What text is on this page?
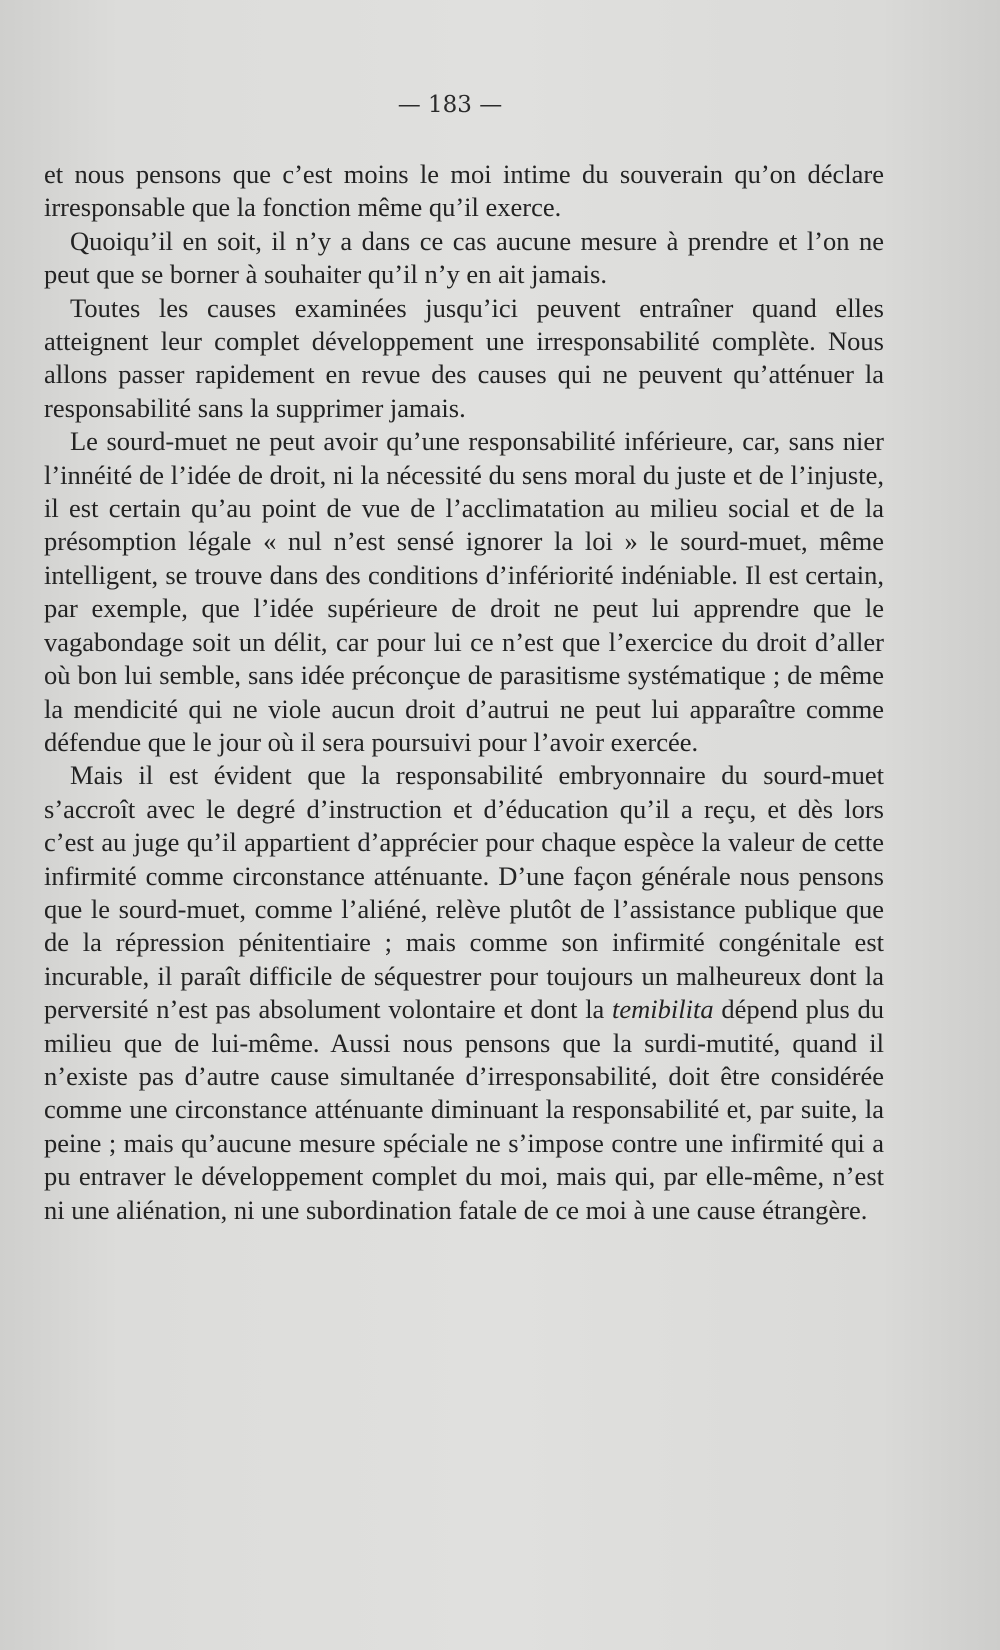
— 183 —

et nous pensons que c’est moins le moi intime du souverain qu’on déclare irresponsable que la fonction même qu’il exerce.

Quoiqu’il en soit, il n’y a dans ce cas aucune mesure à prendre et l’on ne peut que se borner à souhaiter qu’il n’y en ait jamais.

Toutes les causes examinées jusqu’ici peuvent entraîner quand elles atteignent leur complet développement une irresponsabilité complète. Nous allons passer rapidement en revue des causes qui ne peuvent qu’atténuer la responsabilité sans la supprimer jamais.

Le sourd-muet ne peut avoir qu’une responsabilité inférieure, car, sans nier l’innéité de l’idée de droit, ni la nécessité du sens moral du juste et de l’injuste, il est certain qu’au point de vue de l’acclimatation au milieu social et de la présomption légale « nul n’est sensé ignorer la loi » le sourd-muet, même intelligent, se trouve dans des conditions d’infériorité indéniable. Il est certain, par exemple, que l’idée supérieure de droit ne peut lui apprendre que le vagabondage soit un délit, car pour lui ce n’est que l’exercice du droit d’aller où bon lui semble, sans idée préconçue de parasitisme systématique ; de même la mendicité qui ne viole aucun droit d’autrui ne peut lui apparaître comme défendue que le jour où il sera poursuivi pour l’avoir exercée.

Mais il est évident que la responsabilité embryonnaire du sourd-muet s’accroît avec le degré d’instruction et d’éducation qu’il a reçu, et dès lors c’est au juge qu’il appartient d’apprécier pour chaque espèce la valeur de cette infirmité comme circonstance atténuante. D’une façon générale nous pensons que le sourd-muet, comme l’aliéné, relève plutôt de l’assistance publique que de la répression pénitentiaire ; mais comme son infirmité congénitale est incurable, il paraît difficile de séquestrer pour toujours un malheureux dont la perversité n’est pas absolument volontaire et dont la temibilita dépend plus du milieu que de lui-même. Aussi nous pensons que la surdi-mutité, quand il n’existe pas d’autre cause simultanée d’irresponsabilité, doit être considérée comme une circonstance atténuante diminuant la responsabilité et, par suite, la peine ; mais qu’aucune mesure spéciale ne s’impose contre une infirmité qui a pu entraver le développement complet du moi, mais qui, par elle-même, n’est ni une aliénation, ni une subordination fatale de ce moi à une cause étrangère.
